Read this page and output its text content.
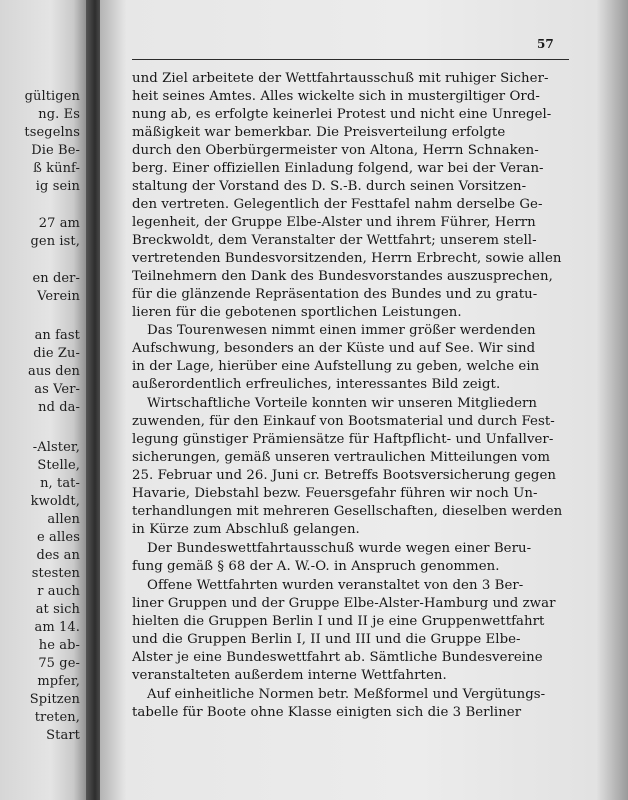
gültigen
ng. Es
tsegelns
Die Be-
ß künf-
ig sein
27 am
gen ist,
en der-
Verein
an fast
die Zu-
aus den
as Ver-
nd da-
-Alster,
Stelle,
n, tat-
kwoldt,
allen
e alles
des an
stesten
r auch
at sich
am 14.
he ab-
75 ge-
mpfer,
Spitzen
treten,
Start
57
und Ziel arbeitete der Wettfahrtausschuß mit ruhiger Sicher-
heit seines Amtes. Alles wickelte sich in mustergiltiger Ord-
nung ab, es erfolgte keinerlei Protest und nicht eine Unregel-
mäßigkeit war bemerkbar. Die Preisverteilung erfolgte
durch den Oberbürgermeister von Altona, Herrn Schnaken-
berg. Einer offiziellen Einladung folgend, war bei der Veran-
staltung der Vorstand des D. S.-B. durch seinen Vorsitzen-
den vertreten. Gelegentlich der Festtafel nahm derselbe Ge-
legenheit, der Gruppe Elbe-Alster und ihrem Führer, Herrn
Breckwoldt, dem Veranstalter der Wettfahrt; unserem stell-
vertretenden Bundesvorsitzenden, Herrn Erbrecht, sowie allen
Teilnehmern den Dank des Bundesvorstandes auszusprechen,
für die glänzende Repräsentation des Bundes und zu gratu-
lieren für die gebotenen sportlichen Leistungen.
Das Tourenwesen nimmt einen immer größer werdenden
Aufschwung, besonders an der Küste und auf See. Wir sind
in der Lage, hierüber eine Aufstellung zu geben, welche ein
außerordentlich erfreuliches, interessantes Bild zeigt.
Wirtschaftliche Vorteile konnten wir unseren Mitgliedern
zuwenden, für den Einkauf von Bootsmaterial und durch Fest-
legung günstiger Prämiensätze für Haftpflicht- und Unfallver-
sicherungen, gemäß unseren vertraulichen Mitteilungen vom
25. Februar und 26. Juni cr. Betreffs Bootsversicherung gegen
Havarie, Diebstahl bezw. Feuersgefahr führen wir noch Un-
terhandlungen mit mehreren Gesellschaften, dieselben werden
in Kürze zum Abschluß gelangen.
Der Bundeswettfahrtausschuß wurde wegen einer Beru-
fung gemäß § 68 der A. W.-O. in Anspruch genommen.
Offene Wettfahrten wurden veranstaltet von den 3 Ber-
liner Gruppen und der Gruppe Elbe-Alster-Hamburg und zwar
hielten die Gruppen Berlin I und II je eine Gruppenwettfahrt
und die Gruppen Berlin I, II und III und die Gruppe Elbe-
Alster je eine Bundeswettfahrt ab. Sämtliche Bundesvereine
veranstalteten außerdem interne Wettfahrten.
Auf einheitliche Normen betr. Meßformel und Vergütungs-
tabelle für Boote ohne Klasse einigten sich die 3 Berliner
